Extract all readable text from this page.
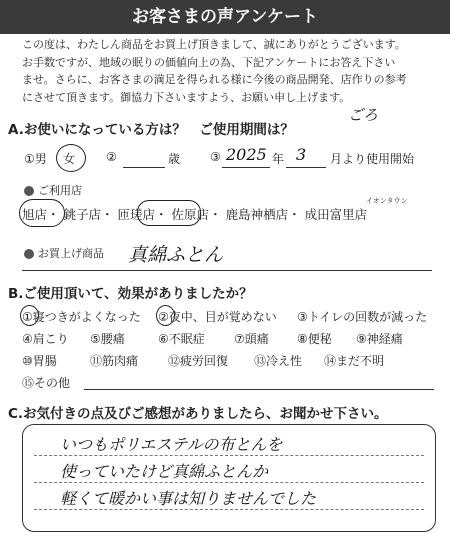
お客さまの声アンケート
この度は、わたしん商品をお買上げ頂きまして、誠にありがとうございます。
お手数ですが、地域の眠りの価値向上の為、下記アンケートにお答え下さい
ませ。さらに、お客さまの満足を得られる様に今後の商品開発、店作りの参考
にさせて頂きます。御協力下さいますよう、お願い申し上げます。
A.お使いになっている方は？　ご使用期間は？
ごろ
①男 女	②	歳 ③ 2025 年 3 月より使用開始
ご利用店
イオンタウン
旭店・ 銚子店・ 匝瑳店・ 佐原店・ 鹿島神栖店・ 成田富里店
お買上げ商品 真綿ふとん
B.ご使用頂いて、効果がありましたか？
①寝つきがよくなった ②夜中、目が覚めない ③トイレの回数が減った
④肩こり ⑤腰痛	⑥不眠症 ⑦頭痛 ⑧便秘 ⑨神経痛
⑩胃腸	⑪筋肉痛 ⑫疲労回復 ⑬冷え性 ⑭まだ不明
⑮その他
C.お気付きの点及びご感想がありましたら、お聞かせ下さい。
いつもポリエステルの布とんを
使っていたけど真綿ふとんか
軽くて暖かい事は知りませんでした
